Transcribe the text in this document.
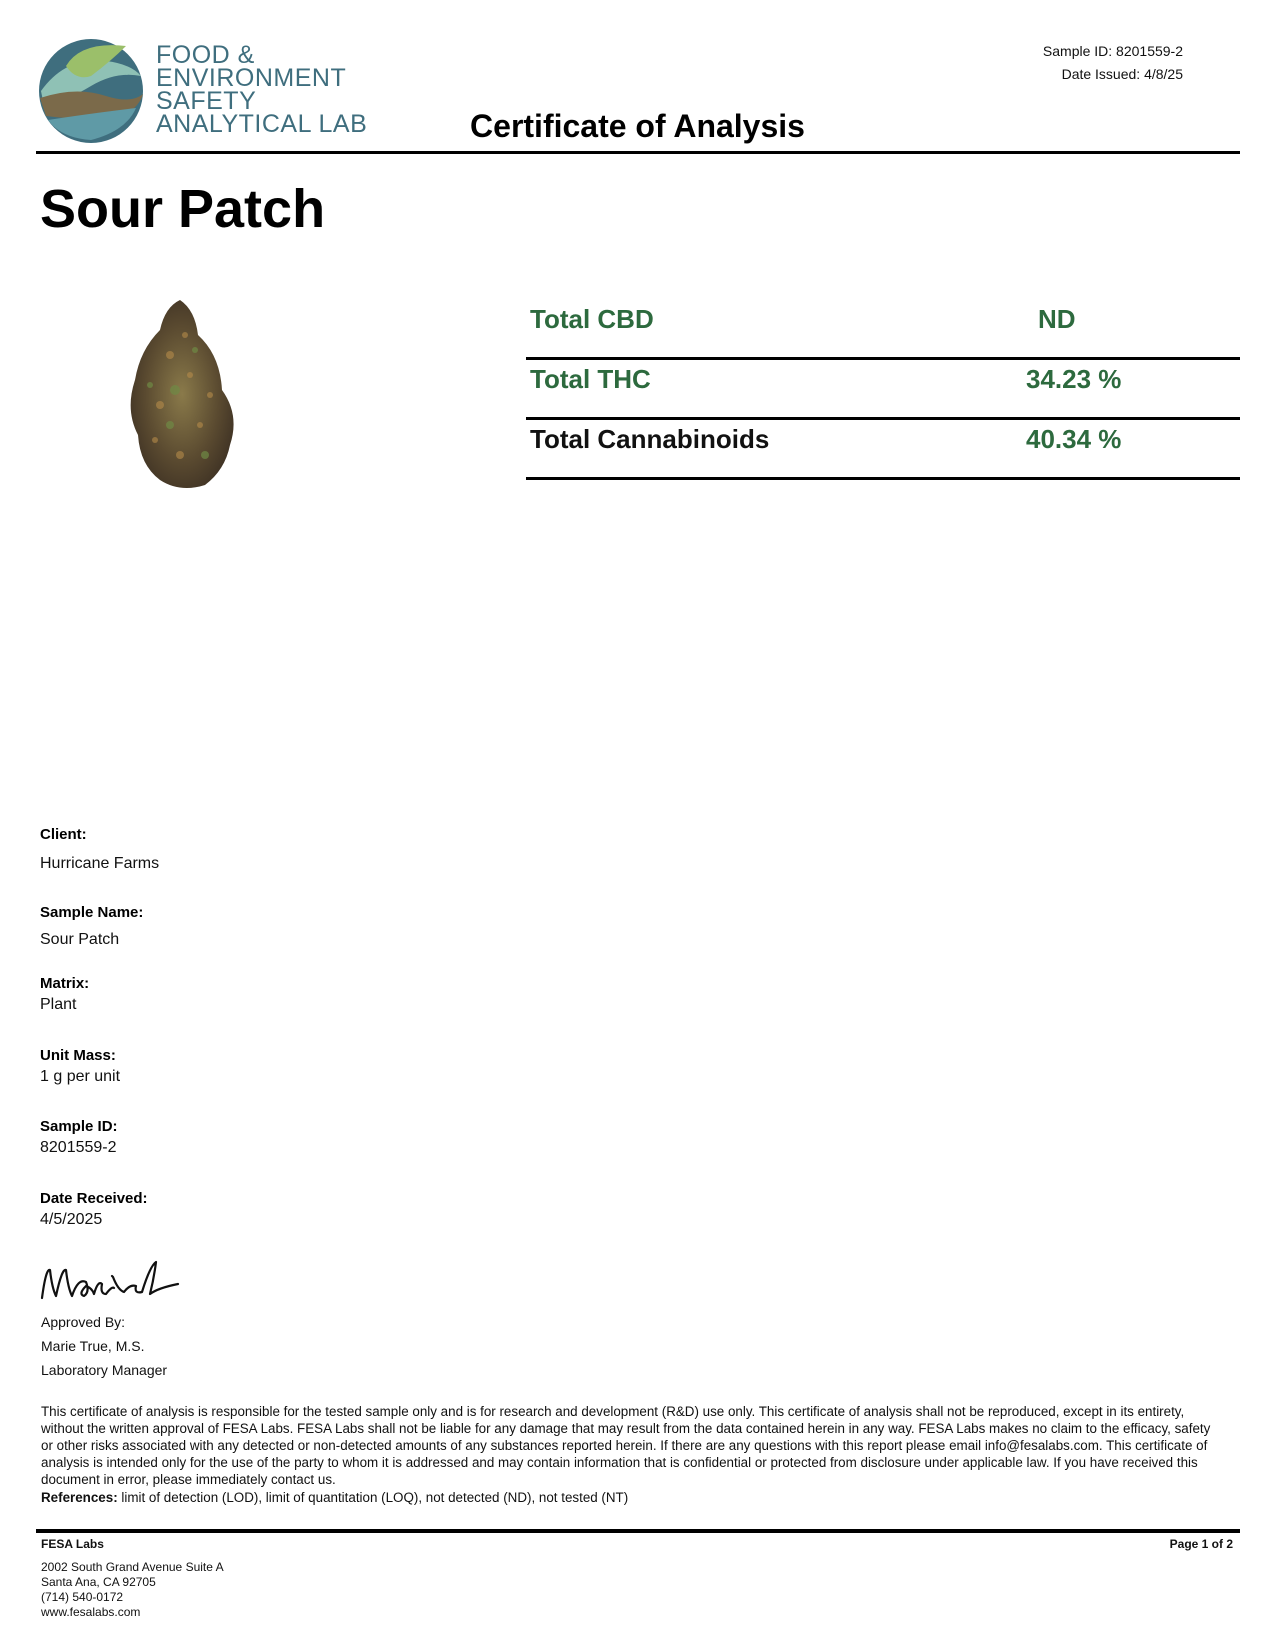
FOOD &
ENVIRONMENT
SAFETY
ANALYTICAL LAB
Sample ID: 8201559-2
Date Issued: 4/8/25
Certificate of Analysis
Sour Patch
Total CBD	ND
Total THC	34.23 %
Total Cannabinoids	40.34 %
Client:
Hurricane Farms
Sample Name:
Sour Patch
Matrix:
Plant
Unit Mass:
1 g per unit
Sample ID:
8201559-2
Date Received:
4/5/2025
Approved By:
Marie True, M.S.
Laboratory Manager
This certificate of analysis is responsible for the tested sample only and is for research and development (R&D) use only. This certificate of analysis shall not be reproduced, except in its entirety, without the written approval of FESA Labs. FESA Labs shall not be liable for any damage that may result from the data contained herein in any way. FESA Labs makes no claim to the efficacy, safety or other risks associated with any detected or non-detected amounts of any substances reported herein. If there are any questions with this report please email info@fesalabs.com. This certificate of analysis is intended only for the use of the party to whom it is addressed and may contain information that is confidential or protected from disclosure under applicable law. If you have received this document in error, please immediately contact us.
References: limit of detection (LOD), limit of quantitation (LOQ), not detected (ND), not tested (NT)
FESA Labs
2002 South Grand Avenue Suite A
Santa Ana, CA 92705
(714) 540-0172
www.fesalabs.com
Page 1 of 2
